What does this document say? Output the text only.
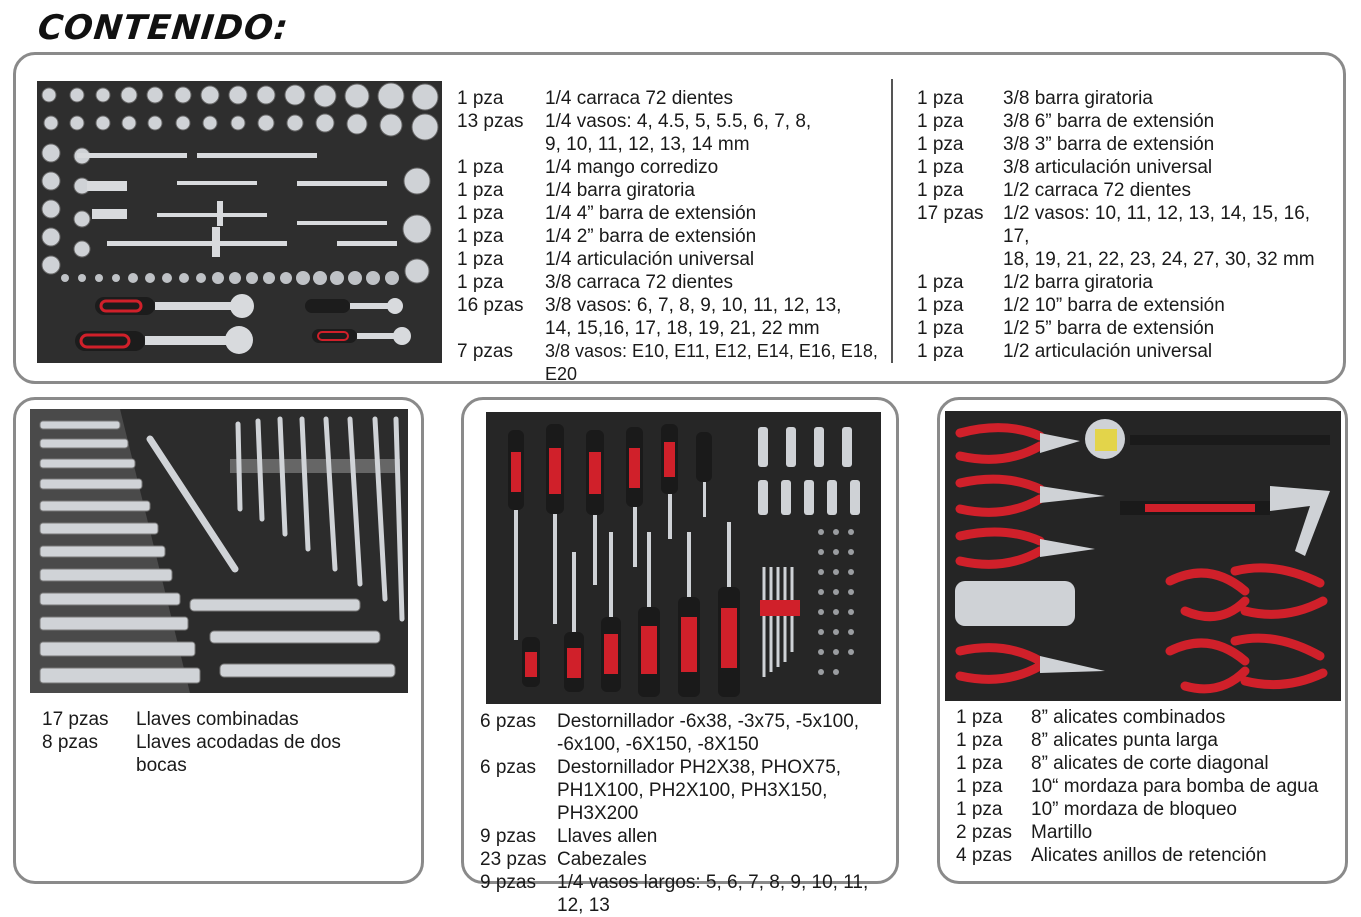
CONTENIDO:
1 pza	1/4 carraca 72 dientes
13 pzas	1/4 vasos: 4, 4.5, 5, 5.5, 6, 7, 8,
9, 10, 11, 12, 13, 14 mm
1 pza	1/4 mango corredizo
1 pza	1/4 barra giratoria
1 pza	1/4 4” barra de extensión
1 pza	1/4 2” barra de extensión
1 pza	1/4 articulación universal
1 pza	3/8 carraca 72 dientes
16 pzas	3/8 vasos: 6, 7, 8, 9, 10, 11, 12, 13,
14, 15,16, 17, 18, 19, 21, 22 mm
7 pzas	3/8 vasos: E10, E11, E12, E14, E16, E18, E20
1 pza	3/8 barra giratoria
1 pza	3/8 6” barra de extensión
1 pza	3/8 3” barra de extensión
1 pza	3/8 articulación universal
1 pza	1/2 carraca 72 dientes
17 pzas	1/2 vasos: 10, 11, 12, 13, 14, 15, 16, 17,
18, 19, 21, 22, 23, 24, 27, 30, 32 mm
1 pza	1/2 barra giratoria
1 pza	1/2 10” barra de extensión
1 pza	1/2 5” barra de extensión
1 pza	1/2 articulación universal
17 pzas	Llaves combinadas
8 pzas	Llaves acodadas de dos
bocas
6 pzas	Destornillador -6x38, -3x75, -5x100,
-6x100, -6X150, -8X150
6 pzas	Destornillador PH2X38, PHOX75,
PH1X100, PH2X100, PH3X150, PH3X200
9 pzas	Llaves allen
23 pzas Cabezales
9 pzas	1/4 vasos largos: 5, 6, 7, 8, 9, 10, 11, 12, 13
1 pza	8” alicates combinados
1 pza	8” alicates punta larga
1 pza	8” alicates de corte diagonal
1 pza	10“ mordaza para bomba de agua
1 pza	10” mordaza de bloqueo
2 pzas	Martillo
4 pzas	Alicates anillos de retención
